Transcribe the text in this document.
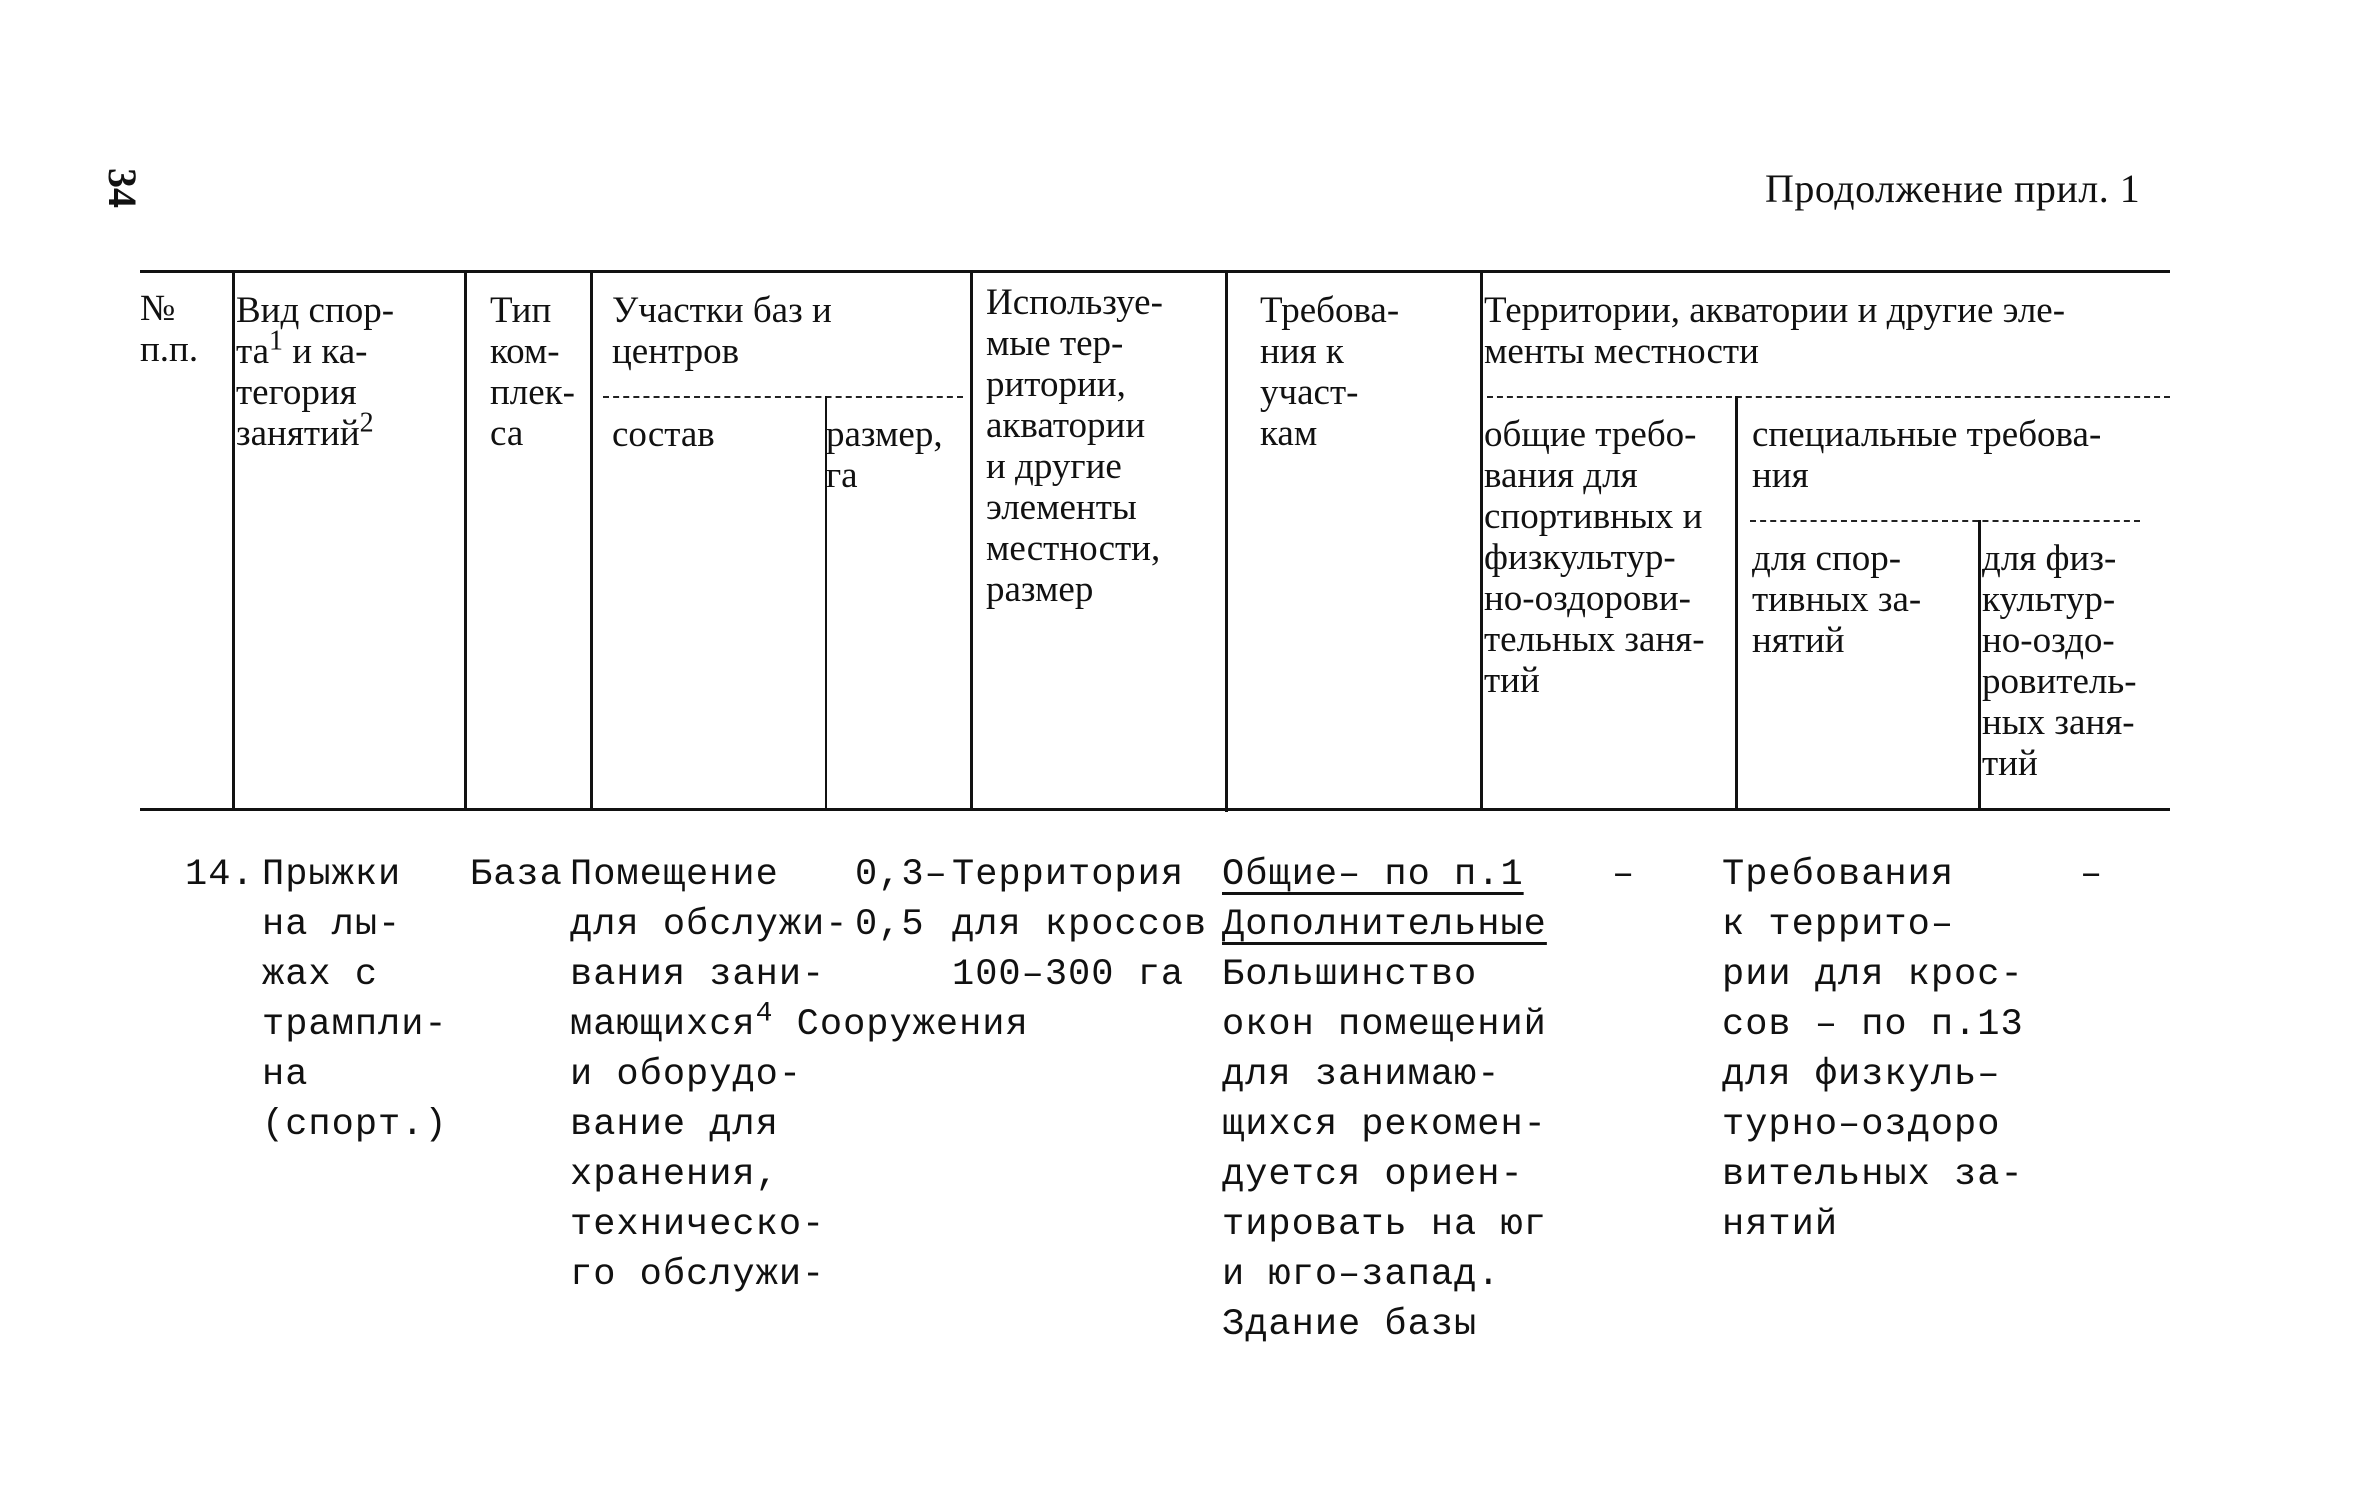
34	Продолжение прил. 1
№
п.п.
Вид спор-
$та^1$ и ка-
тегория
занятий$^2$
Тип
ком-
плек-
са
Участки баз и
центров
состав	размер,
га
Используе-
мые тер-
ритории,
акватории
и другие
элементы
местности,
размер
Требова-
ния к
участ-
кам
Территории, акватории и другие эле-
менты местности
общие требо-
вания для
спортивных и
физкультур-
но-оздорови-
тельных заня-
тий
специальные требова-
ния
для спор-
тивных за-
нятий
для физ-
культур-
но-оздо-
ровитель-
ных заня-
тий
14. Прыжки
на лы-
жах с
трампли-
на
(спорт.)
База Помещение
для обслужи-
вания зани-
мающихся$^4$ Сооружения
и оборудо-
вание для
хранения,
техническо-
го обслужи-
0,3–
0,5
Территория
для кроссов
100–300 га
Общие– по п.1
Дополнительные
Большинство
окон помещений
для занимаю-
щихся рекомен-
дуется ориен-
тировать на юг
и юго–запад.
Здание базы
– Требования
к террито–
рии для крос-
сов – по п.13
для физкуль–
турно–оздоро
вительных за-
нятий
–
